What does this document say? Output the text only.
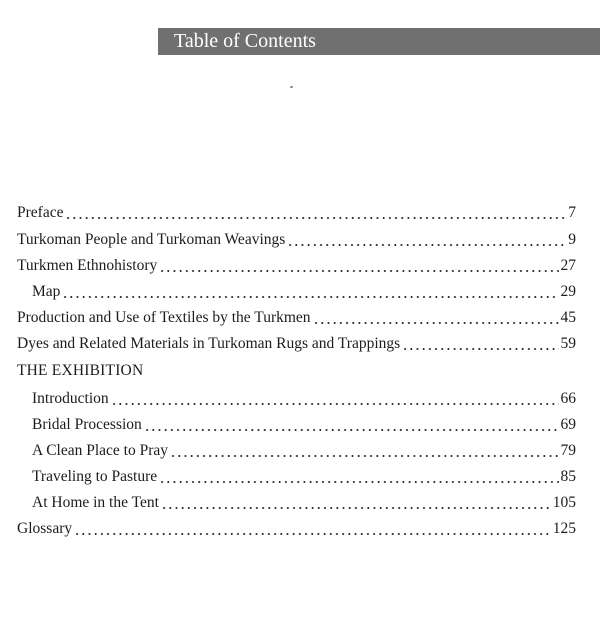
Table of Contents
Preface	7
Turkoman People and Turkoman Weavings	9
Turkmen Ethnohistory	27
Map	29
Production and Use of Textiles by the Turkmen	45
Dyes and Related Materials in Turkoman Rugs and Trappings	59
THE EXHIBITION
Introduction	66
Bridal Procession	69
A Clean Place to Pray	79
Traveling to Pasture	85
At Home in the Tent	105
Glossary	125
